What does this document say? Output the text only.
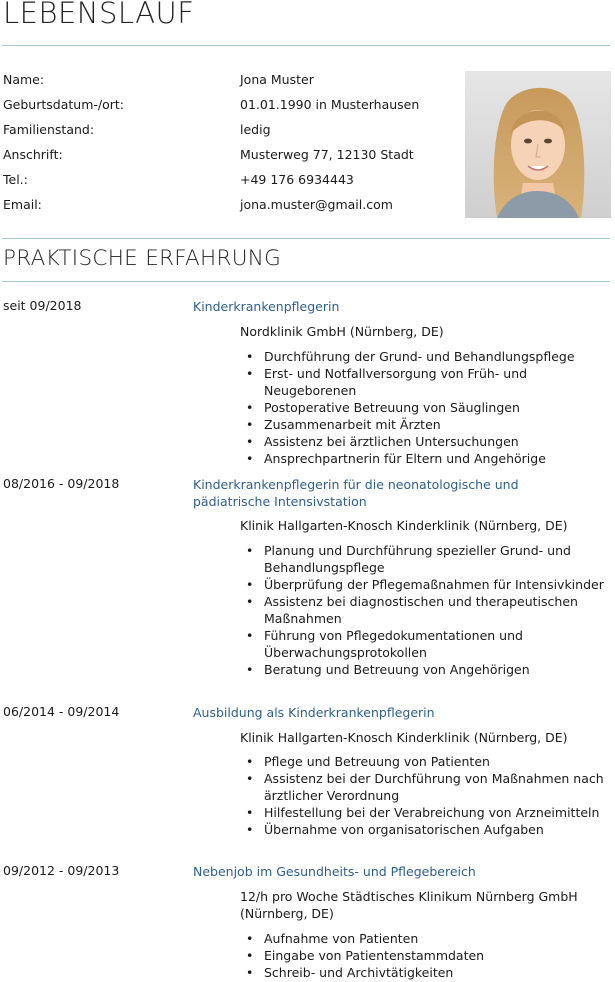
LEBENSLAUF
Name:	Jona Muster
Geburtsdatum-/ort:	01.01.1990 in Musterhausen
Familienstand:	ledig
Anschrift:	Musterweg 77, 12130 Stadt
Tel.:	+49 176 6934443
Email:	jona.muster@gmail.com
PRAKTISCHE ERFAHRUNG
seit 09/2018	Kinderkrankenpflegerin
Nordklinik GmbH (Nürnberg, DE)
• Durchführung der Grund- und Behandlungspflege
• Erst- und Notfallversorgung von Früh- und Neugeborenen
• Postoperative Betreuung von Säuglingen
• Zusammenarbeit mit Ärzten
• Assistenz bei ärztlichen Untersuchungen
• Ansprechpartnerin für Eltern und Angehörige
08/2016 - 09/2018	Kinderkrankenpflegerin für die neonatologische und pädiatrische Intensivstation
Klinik Hallgarten-Knosch Kinderklinik (Nürnberg, DE)
• Planung und Durchführung spezieller Grund- und Behandlungspflege
• Überprüfung der Pflegemaßnahmen für Intensivkinder
• Assistenz bei diagnostischen und therapeutischen Maßnahmen
• Führung von Pflegedokumentationen und Überwachungsprotokollen
• Beratung und Betreuung von Angehörigen
06/2014 - 09/2014	Ausbildung als Kinderkrankenpflegerin
Klinik Hallgarten-Knosch Kinderklinik (Nürnberg, DE)
• Pflege und Betreuung von Patienten
• Assistenz bei der Durchführung von Maßnahmen nach ärztlicher Verordnung
• Hilfestellung bei der Verabreichung von Arzneimitteln
• Übernahme von organisatorischen Aufgaben
09/2012 - 09/2013	Nebenjob im Gesundheits- und Pflegebereich
12/h pro Woche Städtisches Klinikum Nürnberg GmbH (Nürnberg, DE)
• Aufnahme von Patienten
• Eingabe von Patientenstammdaten
• Schreib- und Archivtätigkeiten
